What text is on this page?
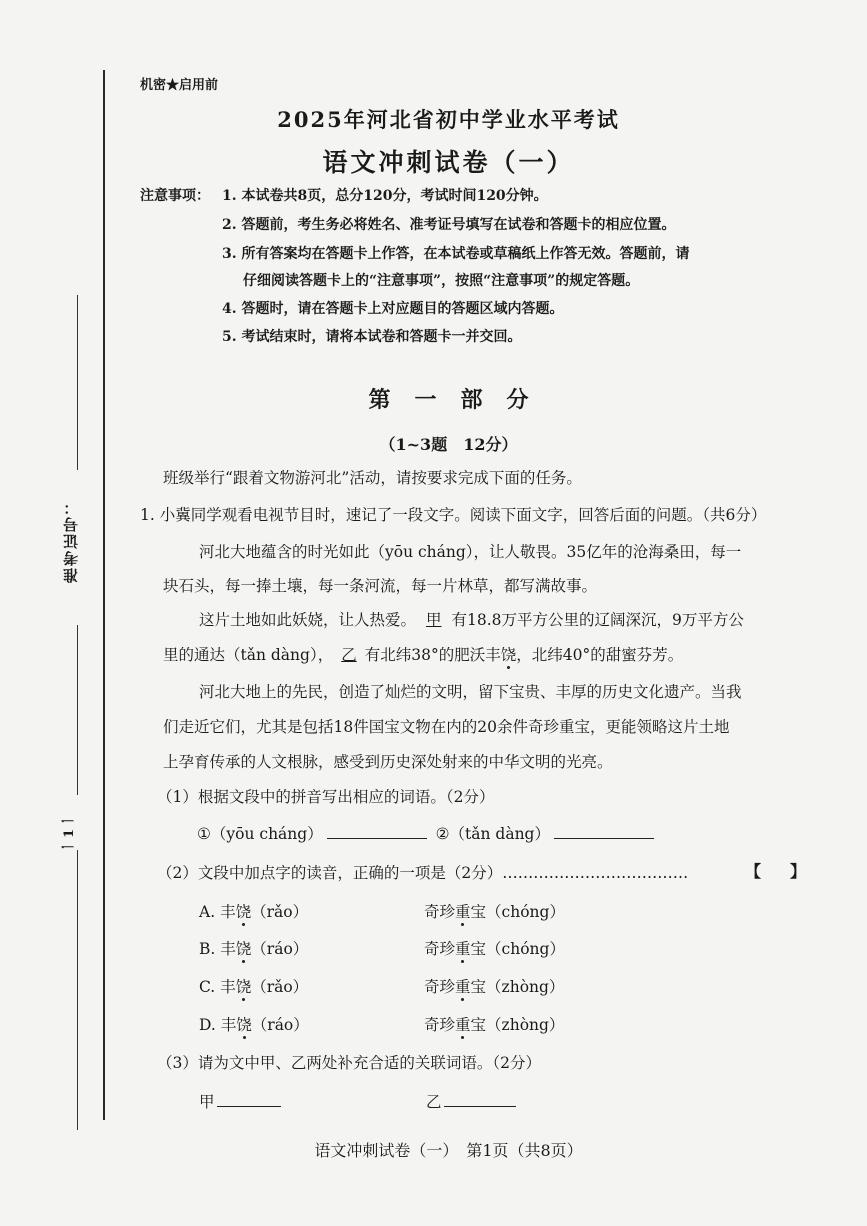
准考证号：
一1一
机密★启用前
2025年河北省初中学业水平考试
语文冲刺试卷（一）
注意事项： 1. 本试卷共8页，总分120分，考试时间120分钟。
2. 答题前，考生务必将姓名、准考证号填写在试卷和答题卡的相应位置。
3. 所有答案均在答题卡上作答，在本试卷或草稿纸上作答无效。答题前，请
仔细阅读答题卡上的“注意事项”，按照“注意事项”的规定答题。
4. 答题时，请在答题卡上对应题目的答题区域内答题。
5. 考试结束时，请将本试卷和答题卡一并交回。
第 一 部 分
（1~3题　12分）
班级举行“跟着文物游河北”活动，请按要求完成下面的任务。
1. 小冀同学观看电视节目时，速记了一段文字。阅读下面文字，回答后面的问题。（共6分）
河北大地蕴含的时光如此（yōu cháng），让人敬畏。35亿年的沧海桑田，每一
块石头，每一捧土壤，每一条河流，每一片林草，都写满故事。
这片土地如此妖娆，让人热爱。 甲 有18.8万平方公里的辽阔深沉，9万平方公
里的通达（tǎn dàng）， 乙 有北纬38°的肥沃丰饶，北纬40°的甜蜜芬芳。
河北大地上的先民，创造了灿烂的文明，留下宝贵、丰厚的历史文化遗产。当我
们走近它们，尤其是包括18件国宝文物在内的20余件奇珍重宝，更能领略这片土地
上孕育传承的人文根脉，感受到历史深处射来的中华文明的光亮。
（1）根据文段中的拼音写出相应的词语。（2分）
①（yōu cháng）	②（tǎn dàng）
（2）文段中加点字的读音，正确的一项是（2分）………………………………	【 】
A. 丰饶（rǎo）	奇珍重宝（chóng）
B. 丰饶（ráo）	奇珍重宝（chóng）
C. 丰饶（rǎo）	奇珍重宝（zhòng）
D. 丰饶（ráo）	奇珍重宝（zhòng）
（3）请为文中甲、乙两处补充合适的关联词语。（2分）
甲	乙
语文冲刺试卷（一）　第1页（共8页）
